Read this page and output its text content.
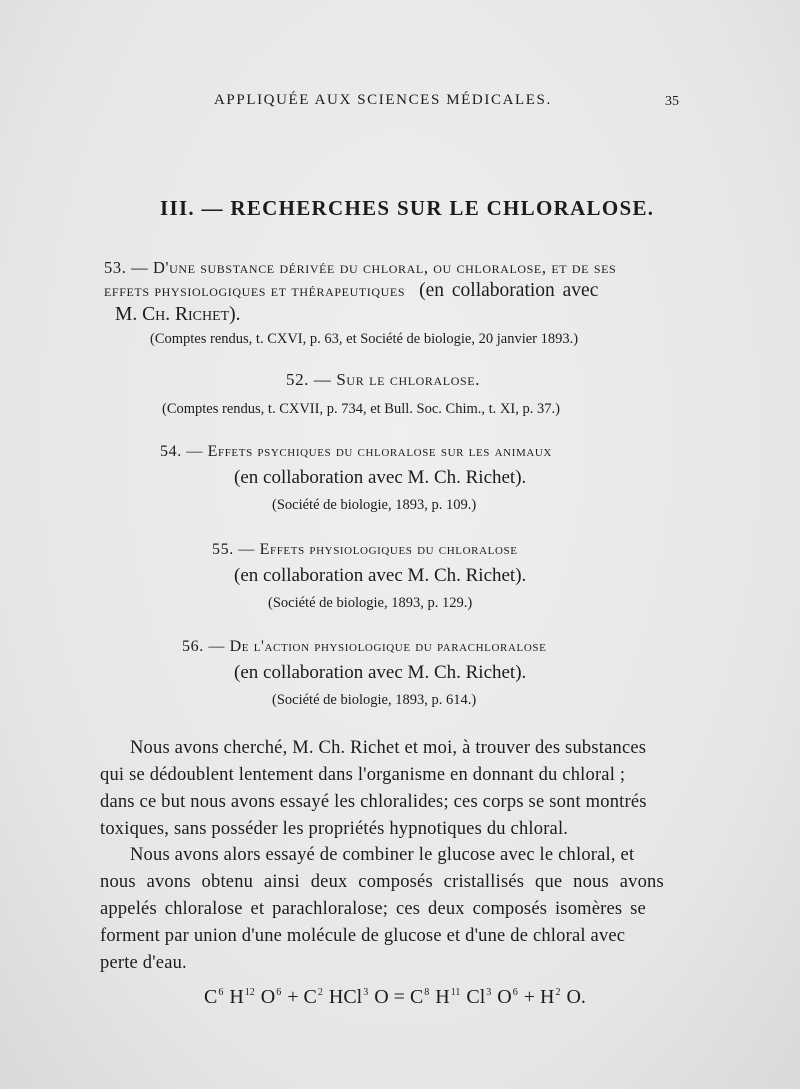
APPLIQUÉE AUX SCIENCES MÉDICALES.	35
III. — RECHERCHES SUR LE CHLORALOSE.
53. — D'une substance dérivée du chloral, ou chloralose, et de ses
effets physiologiques et thérapeutiques (en collaboration avec
M. Ch. Richet).
(Comptes rendus, t. CXVI, p. 63, et Société de biologie, 20 janvier 1893.)
52. — Sur le chloralose.
(Comptes rendus, t. CXVII, p. 734, et Bull. Soc. Chim., t. XI, p. 37.)
54. — Effets psychiques du chloralose sur les animaux
(en collaboration avec M. Ch. Richet).
(Société de biologie, 1893, p. 109.)
55. — Effets physiologiques du chloralose
(en collaboration avec M. Ch. Richet).
(Société de biologie, 1893, p. 129.)
56. — De l'action physiologique du parachloralose
(en collaboration avec M. Ch. Richet).
(Société de biologie, 1893, p. 614.)
Nous avons cherché, M. Ch. Richet et moi, à trouver des substances
qui se dédoublent lentement dans l'organisme en donnant du chloral ;
dans ce but nous avons essayé les chloralides; ces corps se sont montrés
toxiques, sans posséder les propriétés hypnotiques du chloral.
Nous avons alors essayé de combiner le glucose avec le chloral, et
nous avons obtenu ainsi deux composés cristallisés que nous avons
appelés chloralose et parachloralose; ces deux composés isomères se
forment par union d'une molécule de glucose et d'une de chloral avec
perte d'eau.
$C^6$ $H^{12}$ $O^6 + C^2$ HCl$^3$ $O = C^8$ $H^{11}$ Cl$^3$ $O^6 + H^2$ O.
